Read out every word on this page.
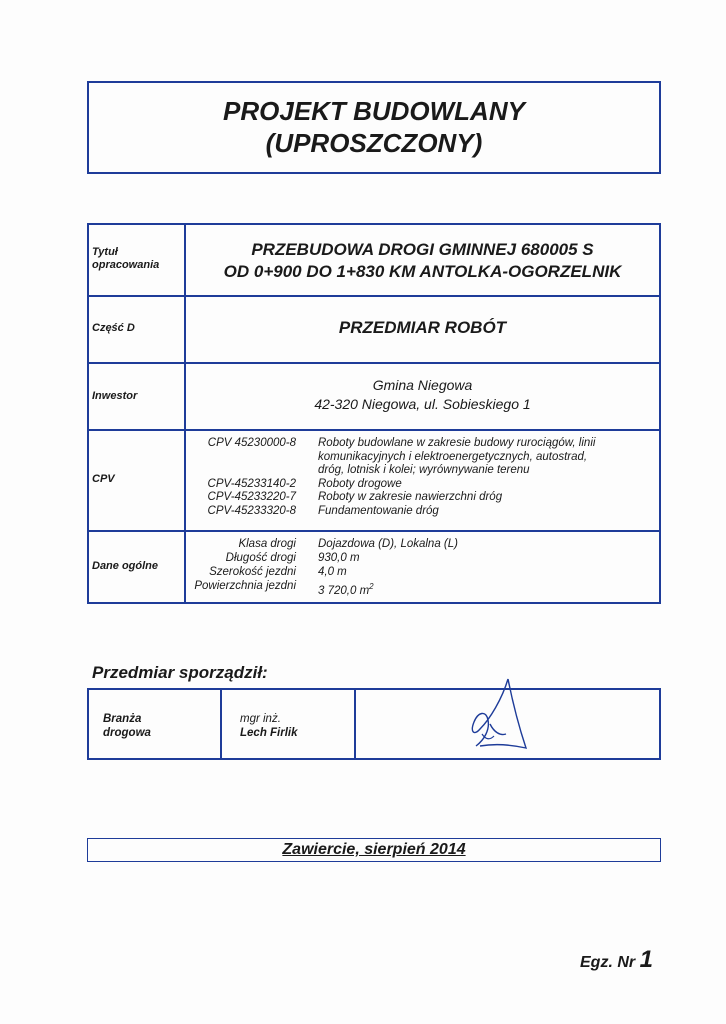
PROJEKT BUDOWLANY
(UPROSZCZONY)
Tytuł
opracowania
PRZEBUDOWA DROGI GMINNEJ 680005 S
OD 0+900 DO 1+830 KM ANTOLKA-OGORZELNIK
Część D	PRZEDMIAR ROBÓT
Inwestor
Gmina Niegowa
42-320 Niegowa, ul. Sobieskiego 1
CPV
CPV 45230000-8 Roboty budowlane w zakresie budowy rurociągów, linii
komunikacyjnych i elektroenergetycznych, autostrad,
dróg, lotnisk i kolei; wyrównywanie terenu
CPV-45233140-2 Roboty drogowe
CPV-45233220-7 Roboty w zakresie nawierzchni dróg
CPV-45233320-8 Fundamentowanie dróg
Dane ogólne
Klasa drogi Dojazdowa (D), Lokalna (L)
Długość drogi 930,0 m
Szerokość jezdni 4,0 m
Powierzchnia jezdni 3 720,0 $m^2$
Przedmiar sporządził:
Branża
drogowa
mgr inż.
Lech Firlik
Zawiercie, sierpień 2014
Egz. Nr 1
